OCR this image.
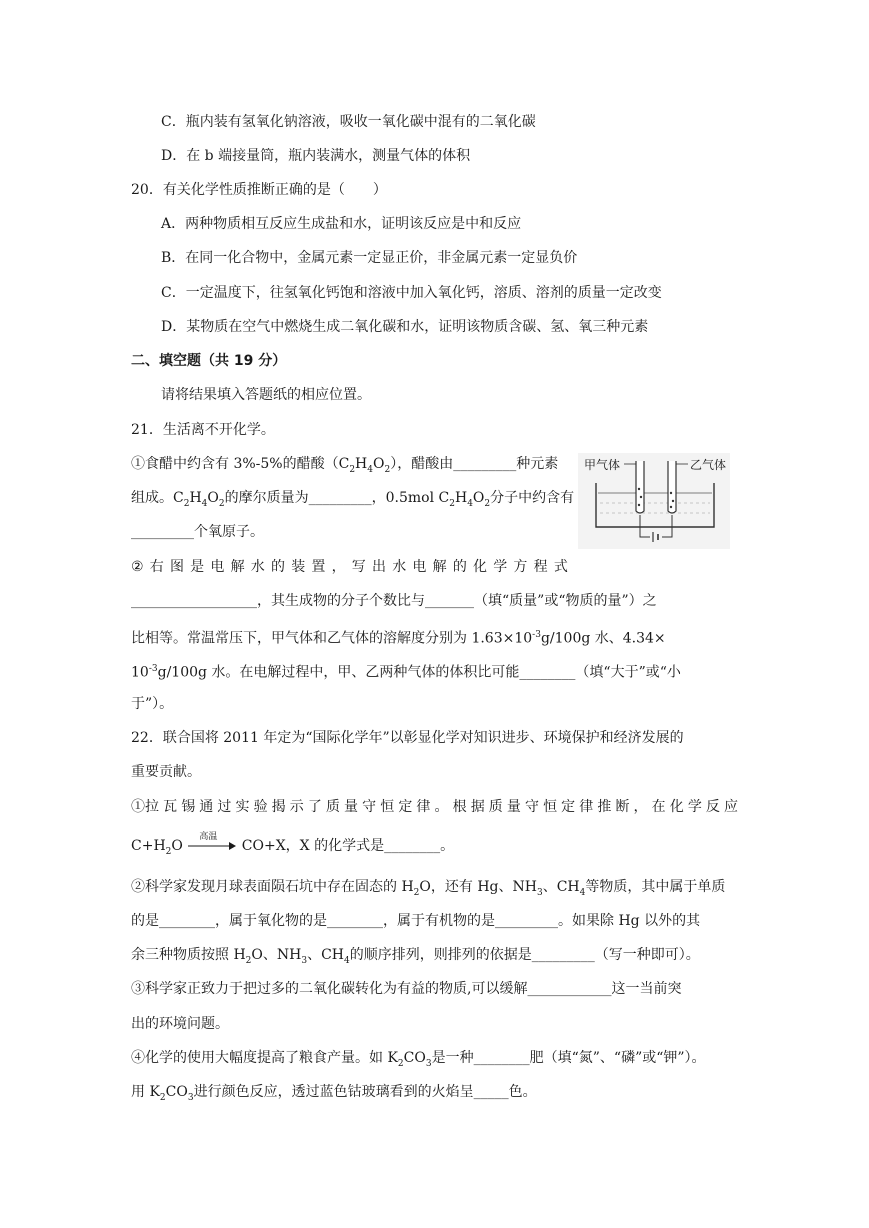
C．瓶内装有氢氧化钠溶液，吸收一氧化碳中混有的二氧化碳
D．在 b 端接量筒，瓶内装满水，测量气体的体积
20．有关化学性质推断正确的是（　　）
A．两种物质相互反应生成盐和水，证明该反应是中和反应
B．在同一化合物中，金属元素一定显正价，非金属元素一定显负价
C．一定温度下，往氢氧化钙饱和溶液中加入氧化钙，溶质、溶剂的质量一定改变
D．某物质在空气中燃烧生成二氧化碳和水，证明该物质含碳、氢、氧三种元素
二、填空题（共 19 分）
请将结果填入答题纸的相应位置。
21．生活离不开化学。
①食醋中约含有 3%-5%的醋酸$(C_2H_4O_2)$，醋酸由_________种元素
组成。$C_2H_4O_2$的摩尔质量为_________，0.5mol $C_2H_4O_2$分子中约含有
_________个氧原子。
甲气体	乙气体
② 右 图 是 电 解 水 的 装 置 ， 写 出 水 电 解 的 化 学 方 程 式
__________________，其生成物的分子个数比与_______（填“质量”或“物质的量”）之
比相等。常温常压下，甲气体和乙气体的溶解度分别为 $1.63\times 10^{-3}g/100g$ 水、4.34×
$10^{-3}g/100g$ 水。在电解过程中，甲、乙两种气体的体积比可能________（填“大于”或“小
于”）。
22．联合国将 2011 年定为“国际化学年”以彰显化学对知识进步、环境保护和经济发展的
重要贡献。
①拉 瓦 锡 通 过 实 验 揭 示 了 质 量 守 恒 定 律 。 根 据 质 量 守 恒 定 律 推 断 ， 在 化 学 反 应
$C+H_2O$
高温
CO+X，X 的化学式是________。
②科学家发现月球表面陨石坑中存在固态的 $H_2O$，还有 Hg、$NH_3$、$CH_4$等物质，其中属于单质
的是________，属于氧化物的是________，属于有机物的是_________。如果除 Hg 以外的其
余三种物质按照 $H_2O$、$NH_3$、$CH_4$的顺序排列，则排列的依据是_________（写一种即可）。
③科学家正致力于把过多的二氧化碳转化为有益的物质,可以缓解____________这一当前突
出的环境问题。
④化学的使用大幅度提高了粮食产量。如 $K_2CO_3$是一种________肥（填“氮”、“磷”或“钾”）。
用 $K_2CO_3$进行颜色反应，透过蓝色钴玻璃看到的火焰呈_____色。
